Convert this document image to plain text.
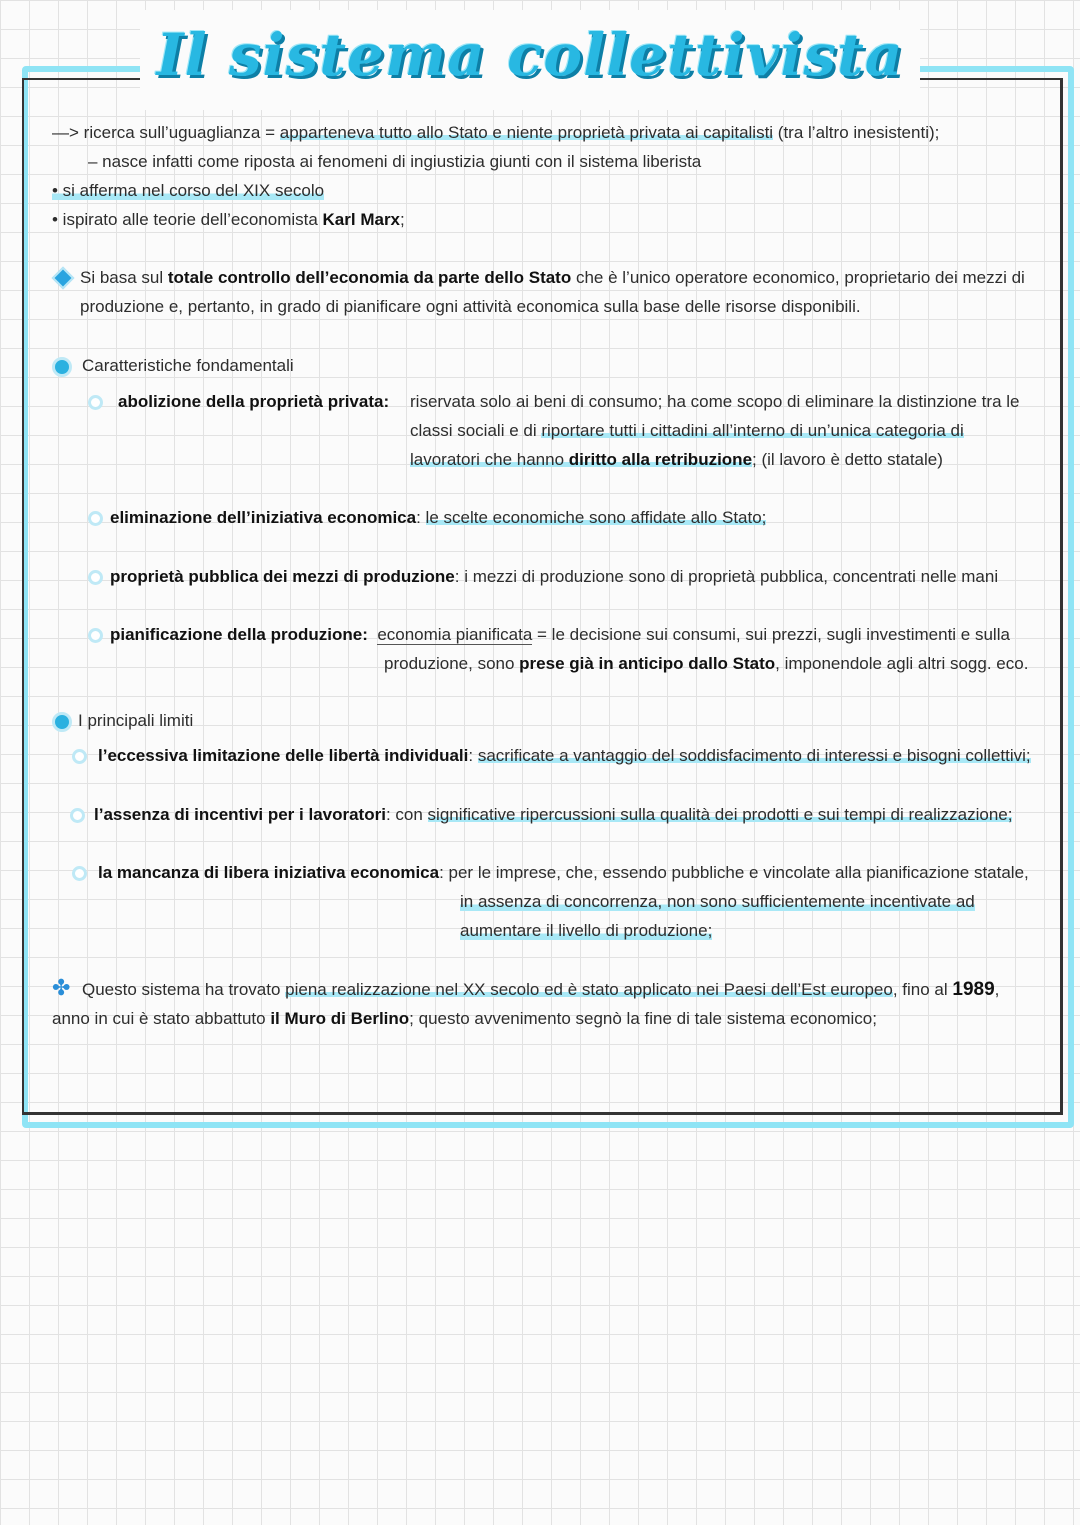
Il sistema collettivista
—> ricerca sull’uguaglianza = apparteneva tutto allo Stato e niente proprietà privata ai capitalisti (tra l’altro inesistenti);
– nasce infatti come riposta ai fenomeni di ingiustizia giunti con il sistema liberista
• si afferma nel corso del XIX secolo
• ispirato alle teorie dell’economista Karl Marx;
Si basa sul totale controllo dell’economia da parte dello Stato che è l’unico operatore economico, proprietario dei mezzi di
produzione e, pertanto, in grado di pianificare ogni attività economica sulla base delle risorse disponibili.
Caratteristiche fondamentali
abolizione della proprietà privata: riservata solo ai beni di consumo; ha come scopo di eliminare la distinzione tra le
classi sociali e di riportare tutti i cittadini all’interno di un’unica categoria di
lavoratori che hanno diritto alla retribuzione; (il lavoro è detto statale)
eliminazione dell’iniziativa economica: le scelte economiche sono affidate allo Stato;
proprietà pubblica dei mezzi di produzione: i mezzi di produzione sono di proprietà pubblica, concentrati nelle mani
pianificazione della produzione: economia pianificata = le decisione sui consumi, sui prezzi, sugli investimenti e sulla
produzione, sono prese già in anticipo dallo Stato, imponendole agli altri sogg. eco.
I principali limiti
l’eccessiva limitazione delle libertà individuali: sacrificate a vantaggio del soddisfacimento di interessi e bisogni collettivi;
l’assenza di incentivi per i lavoratori: con significative ripercussioni sulla qualità dei prodotti e sui tempi di realizzazione;
la mancanza di libera iniziativa economica: per le imprese, che, essendo pubbliche e vincolate alla pianificazione statale,
in assenza di concorrenza, non sono sufficientemente incentivate ad
aumentare il livello di produzione;
✤ Questo sistema ha trovato piena realizzazione nel XX secolo ed è stato applicato nei Paesi dell’Est europeo, fino al 1989,
anno in cui è stato abbattuto il Muro di Berlino; questo avvenimento segnò la fine di tale sistema economico;
